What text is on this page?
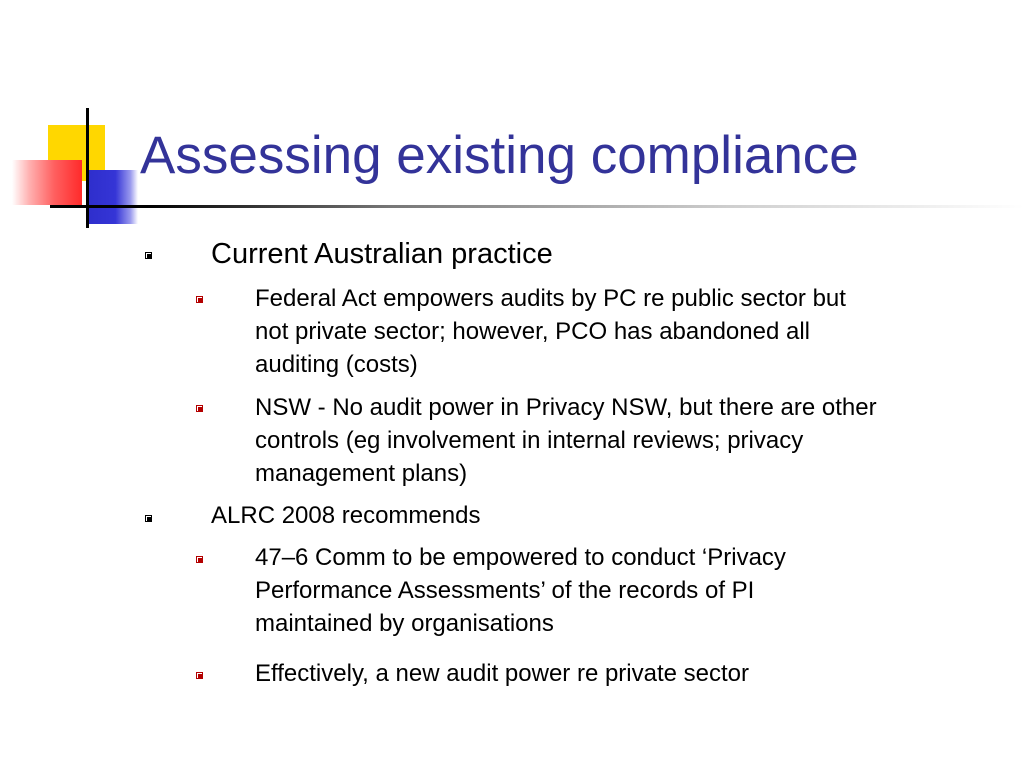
Assessing existing compliance
Current Australian practice
Federal Act empowers audits by PC re public sector but
not private sector; however, PCO has abandoned all
auditing (costs)
NSW - No audit power in Privacy NSW, but there are other
controls (eg involvement in internal reviews; privacy
management plans)
ALRC 2008 recommends
47–6 Comm to be empowered to conduct ‘Privacy
Performance Assessments’ of the records of PI
maintained by organisations
Effectively, a new audit power re private sector
